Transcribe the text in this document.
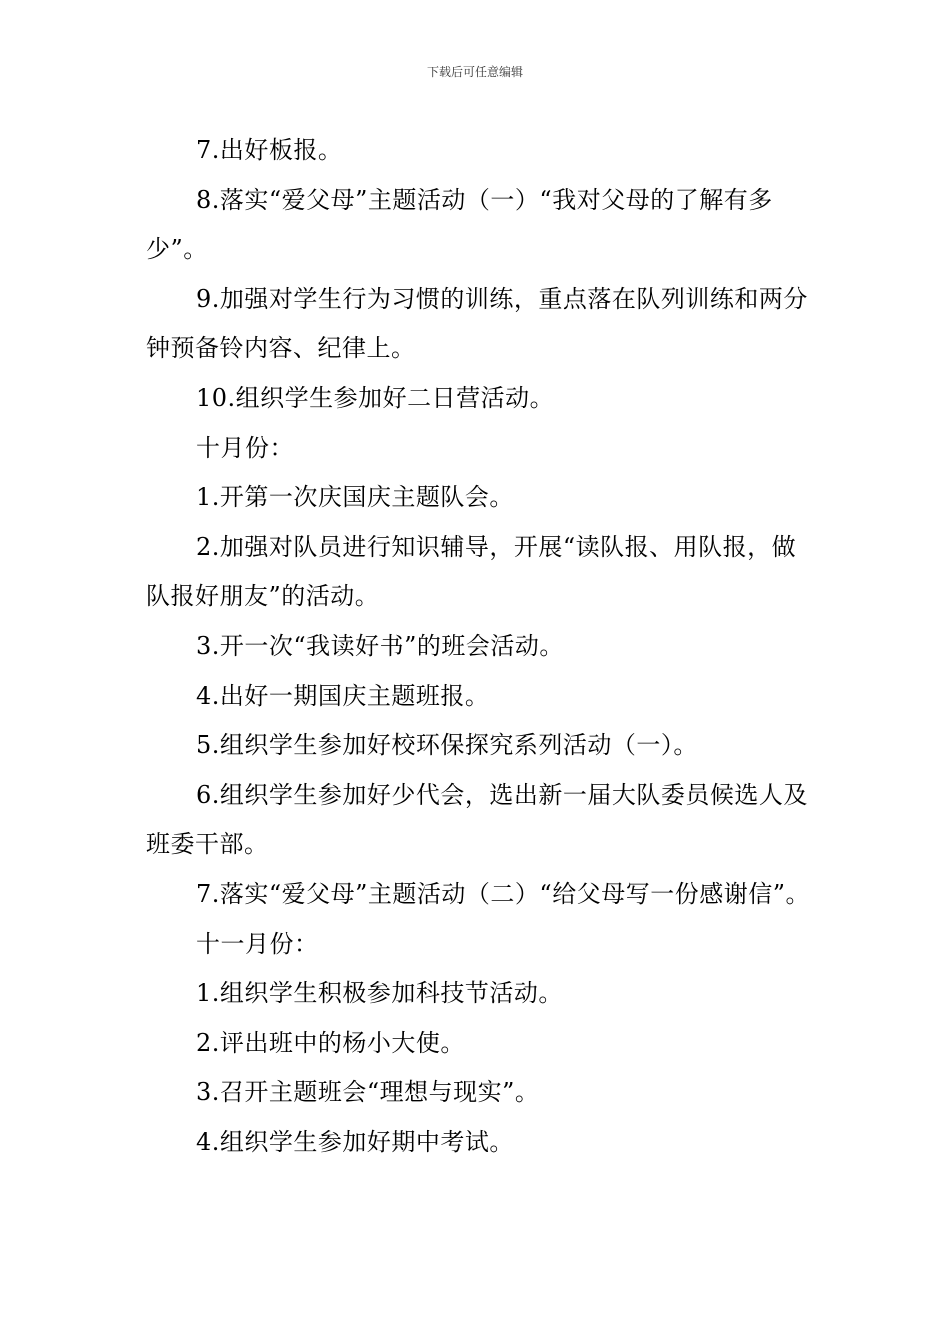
下载后可任意编辑

7.出好板报。

8.落实“爱父母”主题活动（一）“我对父母的了解有多少”。

9.加强对学生行为习惯的训练，重点落在队列训练和两分钟预备铃内容、纪律上。

10.组织学生参加好二日营活动。

十月份：

1.开第一次庆国庆主题队会。

2.加强对队员进行知识辅导，开展“读队报、用队报，做队报好朋友”的活动。

3.开一次“我读好书”的班会活动。

4.出好一期国庆主题班报。

5.组织学生参加好校环保探究系列活动（一）。

6.组织学生参加好少代会，选出新一届大队委员候选人及班委干部。

7.落实“爱父母”主题活动（二）“给父母写一份感谢信”。

十一月份：

1.组织学生积极参加科技节活动。

2.评出班中的杨小大使。

3.召开主题班会“理想与现实”。

4.组织学生参加好期中考试。
